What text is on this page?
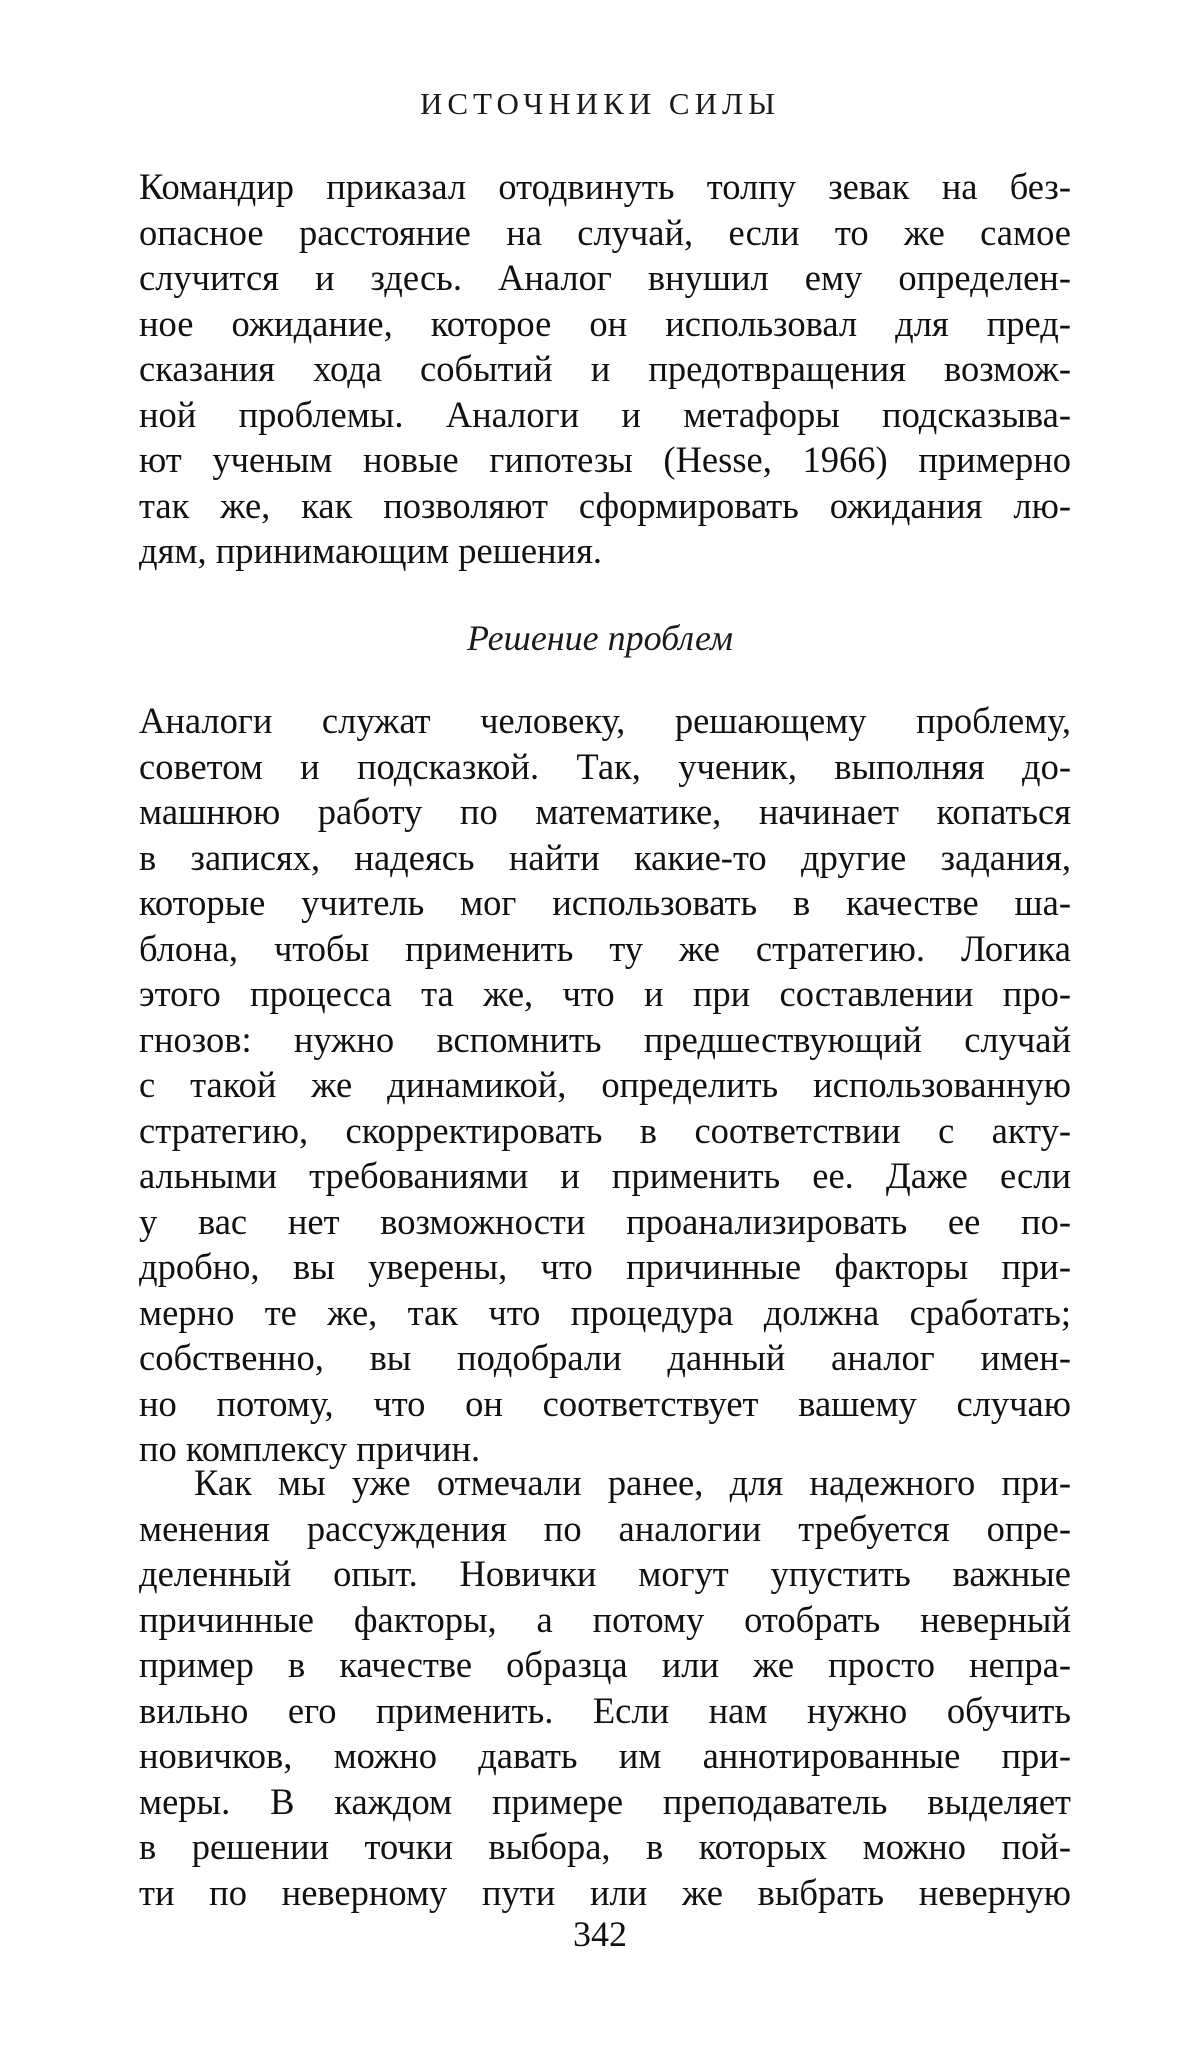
ИСТОЧНИКИ СИЛЫ
Командир приказал отодвинуть толпу зевак на без-
опасное расстояние на случай, если то же самое
случится и здесь. Аналог внушил ему определен-
ное ожидание, которое он использовал для пред-
сказания хода событий и предотвращения возмож-
ной проблемы. Аналоги и метафоры подсказыва-
ют ученым новые гипотезы (Hesse, 1966) примерно
так же, как позволяют сформировать ожидания лю-
дям, принимающим решения.
Решение проблем
Аналоги служат человеку, решающему проблему,
советом и подсказкой. Так, ученик, выполняя до-
машнюю работу по математике, начинает копаться
в записях, надеясь найти какие-то другие задания,
которые учитель мог использовать в качестве ша-
блона, чтобы применить ту же стратегию. Логика
этого процесса та же, что и при составлении про-
гнозов: нужно вспомнить предшествующий случай
с такой же динамикой, определить использованную
стратегию, скорректировать в соответствии с акту-
альными требованиями и применить ее. Даже если
у вас нет возможности проанализировать ее по-
дробно, вы уверены, что причинные факторы при-
мерно те же, так что процедура должна сработать;
собственно, вы подобрали данный аналог имен-
но потому, что он соответствует вашему случаю
по комплексу причин.
Как мы уже отмечали ранее, для надежного при-
менения рассуждения по аналогии требуется опре-
деленный опыт. Новички могут упустить важные
причинные факторы, а потому отобрать неверный
пример в качестве образца или же просто непра-
вильно его применить. Если нам нужно обучить
новичков, можно давать им аннотированные при-
меры. В каждом примере преподаватель выделяет
в решении точки выбора, в которых можно пой-
ти по неверному пути или же выбрать неверную
342
